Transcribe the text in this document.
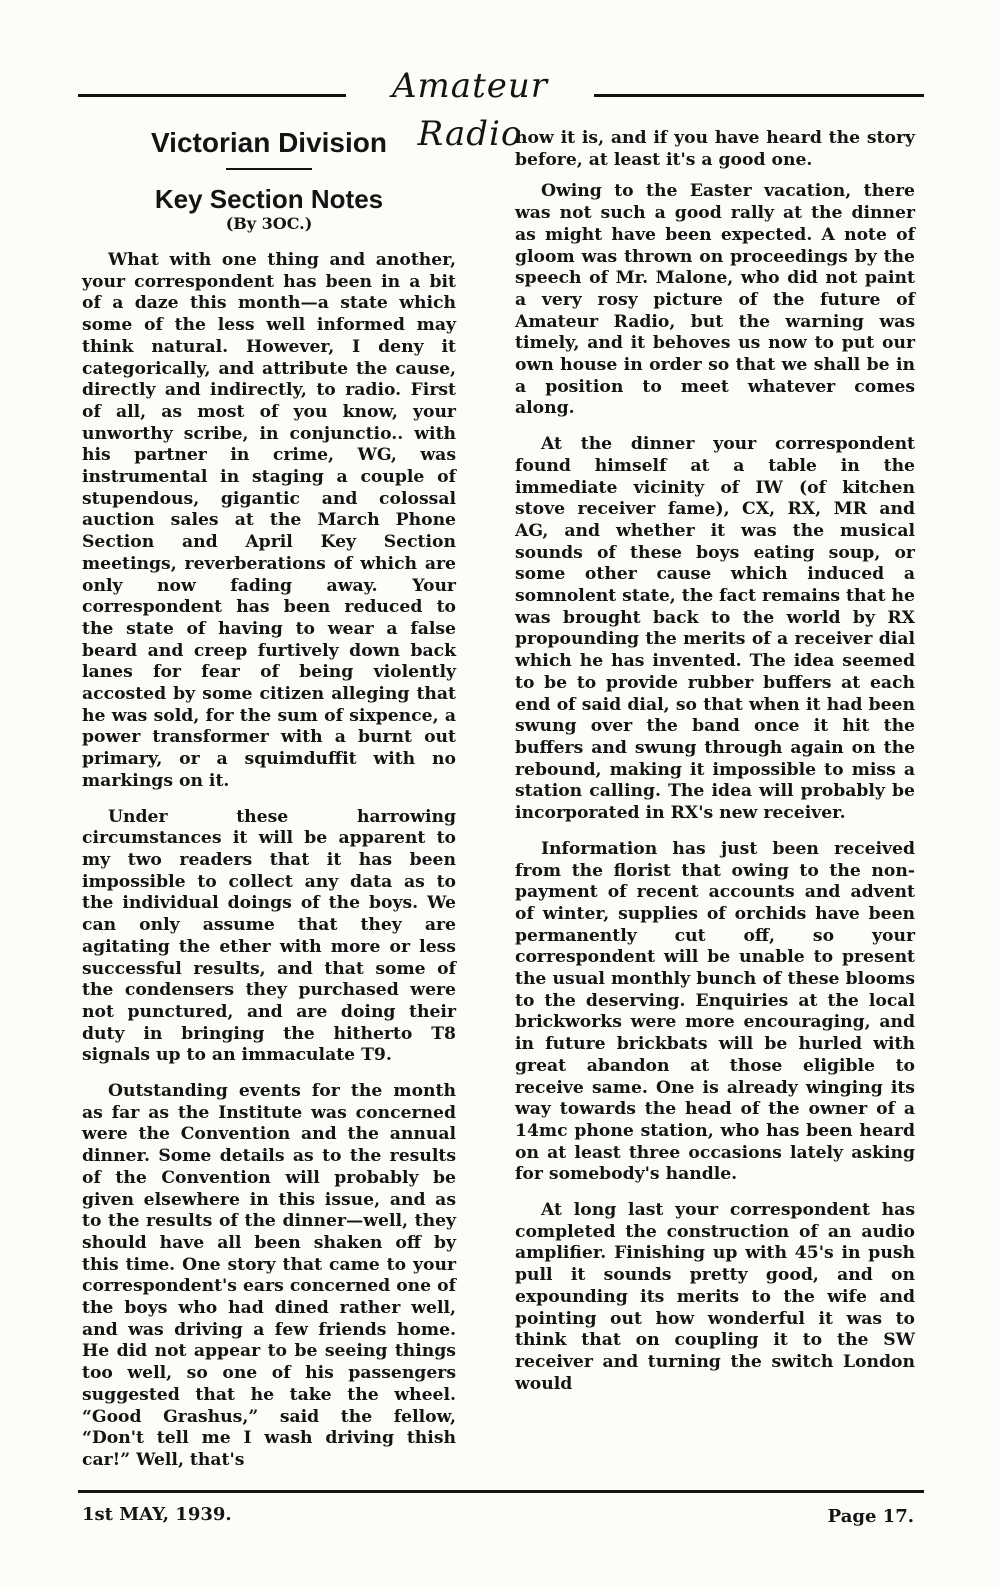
Amateur Radio
Victorian Division
Key Section Notes
(By 3OC.)

What with one thing and another, your correspondent has been in a bit of a daze this month—a state which some of the less well informed may think natural. However, I deny it categorically, and attribute the cause, directly and indirectly, to radio. First of all, as most of you know, your unworthy scribe, in conjunctio.. with his partner in crime, WG, was instrumental in staging a couple of stupendous, gigantic and colossal auction sales at the March Phone Section and April Key Section meetings, reverberations of which are only now fading away. Your correspondent has been reduced to the state of having to wear a false beard and creep furtively down back lanes for fear of being violently accosted by some citizen alleging that he was sold, for the sum of sixpence, a power transformer with a burnt out primary, or a squimduffit with no markings on it.

Under these harrowing circumstances it will be apparent to my two readers that it has been impossible to collect any data as to the individual doings of the boys. We can only assume that they are agitating the ether with more or less successful results, and that some of the condensers they purchased were not punctured, and are doing their duty in bringing the hitherto T8 signals up to an immaculate T9.

Outstanding events for the month as far as the Institute was concerned were the Convention and the annual dinner. Some details as to the results of the Convention will probably be given elsewhere in this issue, and as to the results of the dinner—well, they should have all been shaken off by this time. One story that came to your correspondent's ears concerned one of the boys who had dined rather well, and was driving a few friends home. He did not appear to be seeing things too well, so one of his passengers suggested that he take the wheel. “Good Grashus,” said the fellow, “Don't tell me I wash driving thish car!” Well, that's

how it is, and if you have heard the story before, at least it's a good one.

Owing to the Easter vacation, there was not such a good rally at the dinner as might have been expected. A note of gloom was thrown on proceedings by the speech of Mr. Malone, who did not paint a very rosy picture of the future of Amateur Radio, but the warning was timely, and it behoves us now to put our own house in order so that we shall be in a position to meet whatever comes along.

At the dinner your correspondent found himself at a table in the immediate vicinity of IW (of kitchen stove receiver fame), CX, RX, MR and AG, and whether it was the musical sounds of these boys eating soup, or some other cause which induced a somnolent state, the fact remains that he was brought back to the world by RX propounding the merits of a receiver dial which he has invented. The idea seemed to be to provide rubber buffers at each end of said dial, so that when it had been swung over the band once it hit the buffers and swung through again on the rebound, making it impossible to miss a station calling. The idea will probably be incorporated in RX's new receiver.

Information has just been received from the florist that owing to the non-payment of recent accounts and advent of winter, supplies of orchids have been permanently cut off, so your correspondent will be unable to present the usual monthly bunch of these blooms to the deserving. Enquiries at the local brickworks were more encouraging, and in future brickbats will be hurled with great abandon at those eligible to receive same. One is already winging its way towards the head of the owner of a 14mc phone station, who has been heard on at least three occasions lately asking for somebody's handle.

At long last your correspondent has completed the construction of an audio amplifier. Finishing up with 45's in push pull it sounds pretty good, and on expounding its merits to the wife and pointing out how wonderful it was to think that on coupling it to the SW receiver and turning the switch London would

1st MAY, 1939.	Page 17.
